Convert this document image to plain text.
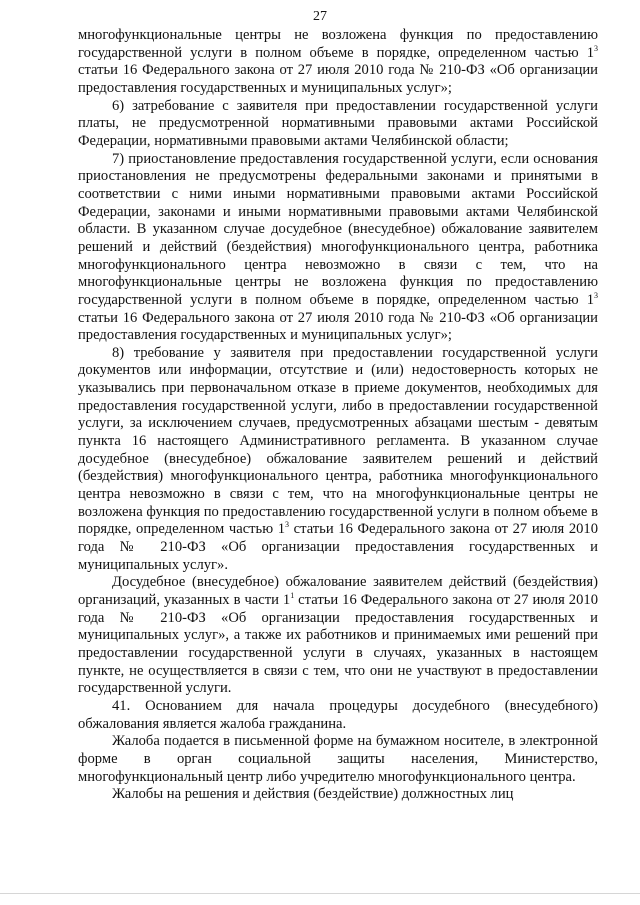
27

многофункциональные центры не возложена функция по предоставлению государственной услуги в полном объеме в порядке, определенном частью $1^3$ статьи 16 Федерального закона от 27 июля 2010 года № 210-ФЗ «Об организации предоставления государственных и муниципальных услуг»;

6) затребование с заявителя при предоставлении государственной услуги платы, не предусмотренной нормативными правовыми актами Российской Федерации, нормативными правовыми актами Челябинской области;

7) приостановление предоставления государственной услуги, если основания приостановления не предусмотрены федеральными законами и принятыми в соответствии с ними иными нормативными правовыми актами Российской Федерации, законами и иными нормативными правовыми актами Челябинской области. В указанном случае досудебное (внесудебное) обжалование заявителем решений и действий (бездействия) многофункционального центра, работника многофункционального центра невозможно в связи с тем, что на многофункциональные центры не возложена функция по предоставлению государственной услуги в полном объеме в порядке, определенном частью $1^3$ статьи 16 Федерального закона от 27 июля 2010 года № 210-ФЗ «Об организации предоставления государственных и муниципальных услуг»;

8) требование у заявителя при предоставлении государственной услуги документов или информации, отсутствие и (или) недостоверность которых не указывались при первоначальном отказе в приеме документов, необходимых для предоставления государственной услуги, либо в предоставлении государственной услуги, за исключением случаев, предусмотренных абзацами шестым - девятым пункта 16 настоящего Административного регламента. В указанном случае досудебное (внесудебное) обжалование заявителем решений и действий (бездействия) многофункционального центра, работника многофункционального центра невозможно в связи с тем, что на многофункциональные центры не возложена функция по предоставлению государственной услуги в полном объеме в порядке, определенном частью $1^3$ статьи 16 Федерального закона от 27 июля 2010 года № 210-ФЗ «Об организации предоставления государственных и муниципальных услуг».

Досудебное (внесудебное) обжалование заявителем действий (бездействия) организаций, указанных в части $1^1$ статьи 16 Федерального закона от 27 июля 2010 года № 210-ФЗ «Об организации предоставления государственных и муниципальных услуг», а также их работников и принимаемых ими решений при предоставлении государственной услуги в случаях, указанных в настоящем пункте, не осуществляется в связи с тем, что они не участвуют в предоставлении государственной услуги.

41. Основанием для начала процедуры досудебного (внесудебного) обжалования является жалоба гражданина.

Жалоба подается в письменной форме на бумажном носителе, в электронной форме в орган социальной защиты населения, Министерство, многофункциональный центр либо учредителю многофункционального центра.

Жалобы на решения и действия (бездействие) должностных лиц
